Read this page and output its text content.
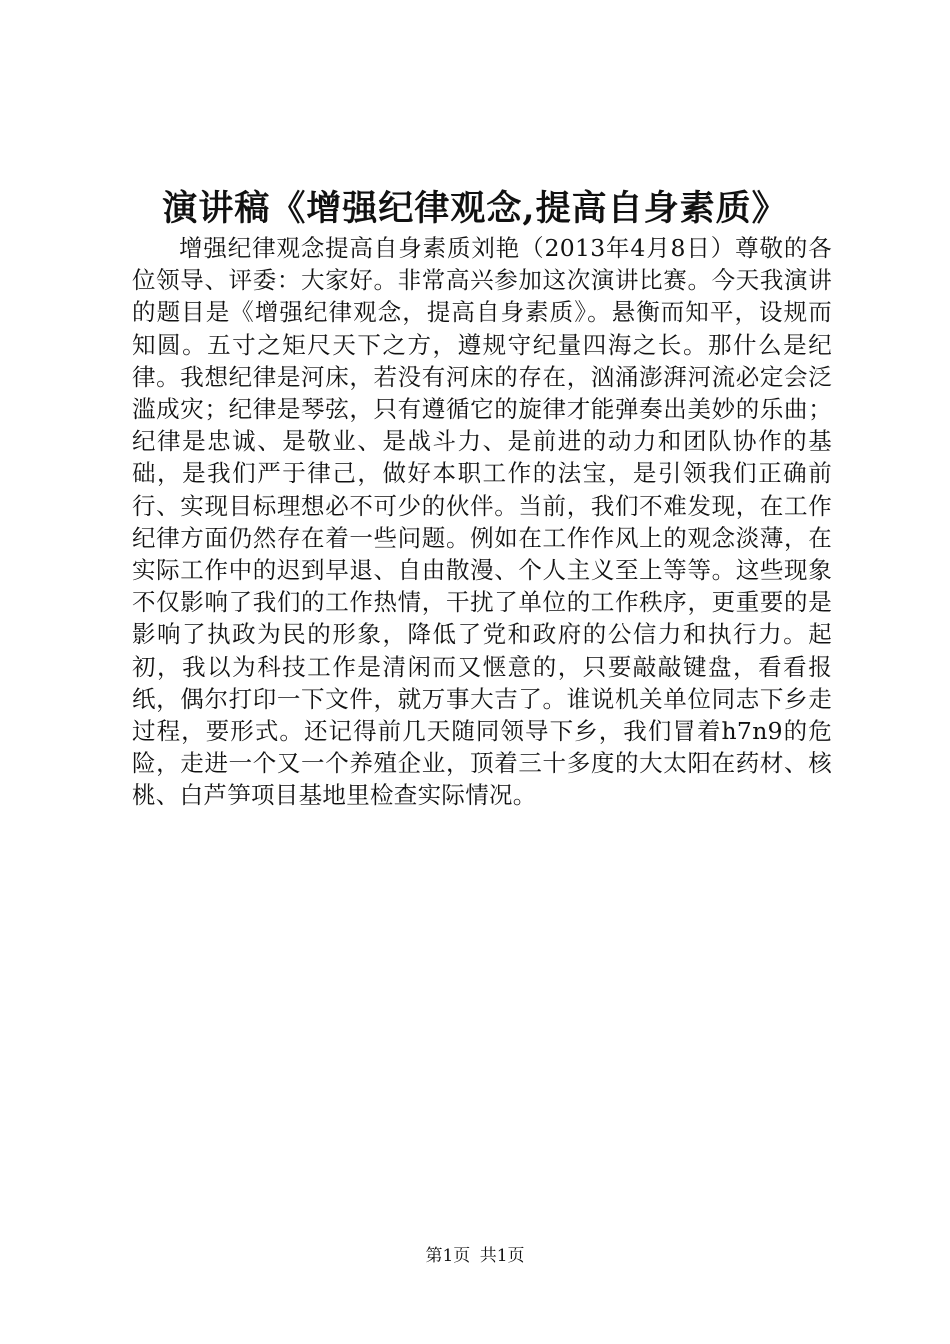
演讲稿《增强纪律观念,提高自身素质》

增强纪律观念提高自身素质刘艳（2013年4月8日）尊敬的各位领导、评委：大家好。非常高兴参加这次演讲比赛。今天我演讲的题目是《增强纪律观念，提高自身素质》。悬衡而知平，设规而知圆。五寸之矩尺天下之方，遵规守纪量四海之长。那什么是纪律。我想纪律是河床，若没有河床的存在，汹涌澎湃河流必定会泛滥成灾；纪律是琴弦，只有遵循它的旋律才能弹奏出美妙的乐曲；纪律是忠诚、是敬业、是战斗力、是前进的动力和团队协作的基础，是我们严于律己，做好本职工作的法宝，是引领我们正确前行、实现目标理想必不可少的伙伴。当前，我们不难发现，在工作纪律方面仍然存在着一些问题。例如在工作作风上的观念淡薄，在实际工作中的迟到早退、自由散漫、个人主义至上等等。这些现象不仅影响了我们的工作热情，干扰了单位的工作秩序，更重要的是影响了执政为民的形象，降低了党和政府的公信力和执行力。起初，我以为科技工作是清闲而又惬意的，只要敲敲键盘，看看报纸，偶尔打印一下文件，就万事大吉了。谁说机关单位同志下乡走过程，要形式。还记得前几天随同领导下乡，我们冒着h7n9的危险，走进一个又一个养殖企业，顶着三十多度的大太阳在药材、核桃、白芦笋项目基地里检查实际情况。

第1页 共1页
